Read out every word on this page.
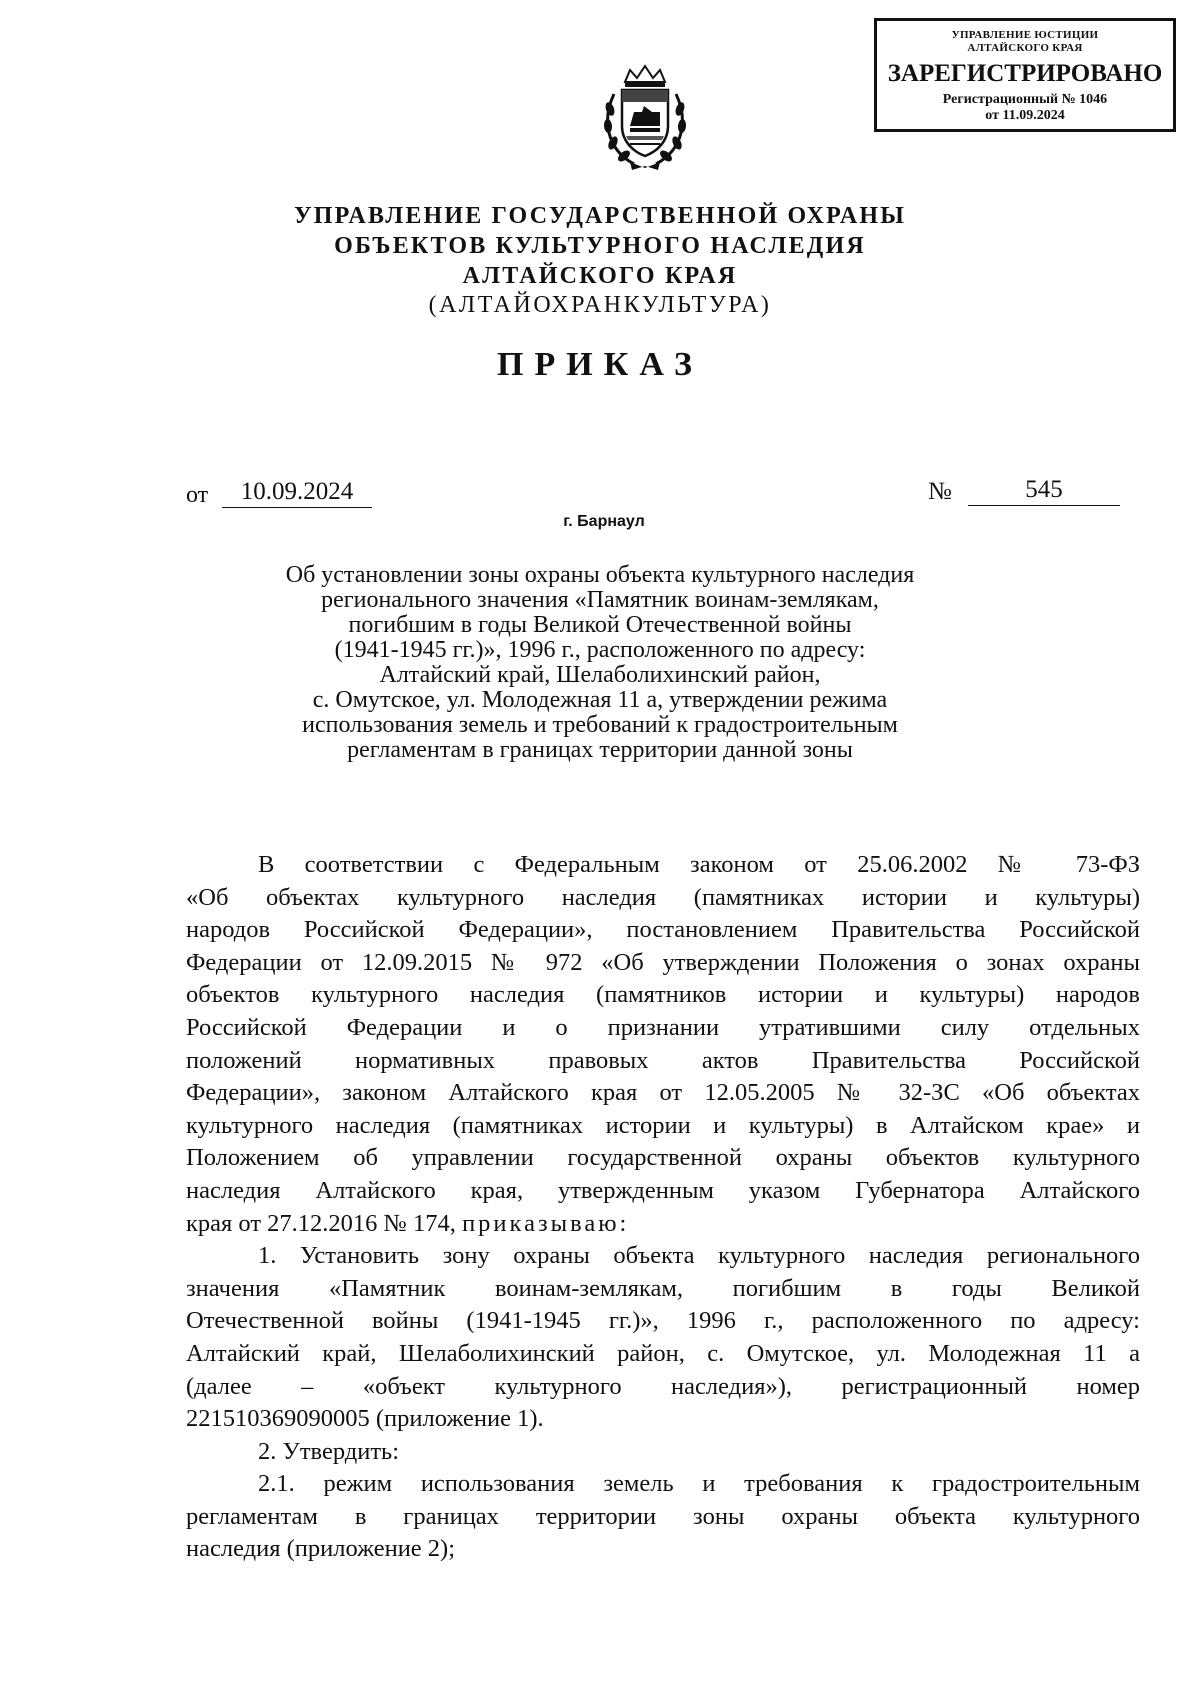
УПРАВЛЕНИЕ ЮСТИЦИИ
АЛТАЙСКОГО КРАЯ
ЗАРЕГИСТРИРОВАНО
Регистрационный № 1046
от 11.09.2024
УПРАВЛЕНИЕ ГОСУДАРСТВЕННОЙ ОХРАНЫ
ОБЪЕКТОВ КУЛЬТУРНОГО НАСЛЕДИЯ
АЛТАЙСКОГО КРАЯ
(АЛТАЙОХРАНКУЛЬТУРА)
ПРИКАЗ
от	10.09.2024	№	545
г. Барнаул
Об установлении зоны охраны объекта культурного наследия
регионального значения «Памятник воинам-землякам,
погибшим в годы Великой Отечественной войны
(1941-1945 гг.)», 1996 г., расположенного по адресу:
Алтайский край, Шелаболихинский район,
с. Омутское, ул. Молодежная 11 а, утверждении режима
использования земель и требований к градостроительным
регламентам в границах территории данной зоны

В соответствии с Федеральным законом от 25.06.2002 № 73-ФЗ

«Об объектах культурного наследия (памятниках истории и культуры)

народов Российской Федерации», постановлением Правительства Российской

Федерации от 12.09.2015 № 972 «Об утверждении Положения о зонах охраны

объектов культурного наследия (памятников истории и культуры) народов

Российской Федерации и о признании утратившими силу отдельных

положений нормативных правовых актов Правительства Российской

Федерации», законом Алтайского края от 12.05.2005 № 32-ЗС «Об объектах

культурного наследия (памятниках истории и культуры) в Алтайском крае» и

Положением об управлении государственной охраны объектов культурного

наследия Алтайского края, утвержденным указом Губернатора Алтайского

края от 27.12.2016 № 174, приказываю:

1. Установить зону охраны объекта культурного наследия регионального

значения «Памятник воинам-землякам, погибшим в годы Великой

Отечественной войны (1941-1945 гг.)», 1996 г., расположенного по адресу:

Алтайский край, Шелаболихинский район, с. Омутское, ул. Молодежная 11 а

(далее – «объект культурного наследия»), регистрационный номер

221510369090005 (приложение 1).

2. Утвердить:

2.1. режим использования земель и требования к градостроительным

регламентам в границах территории зоны охраны объекта культурного

наследия (приложение 2);
